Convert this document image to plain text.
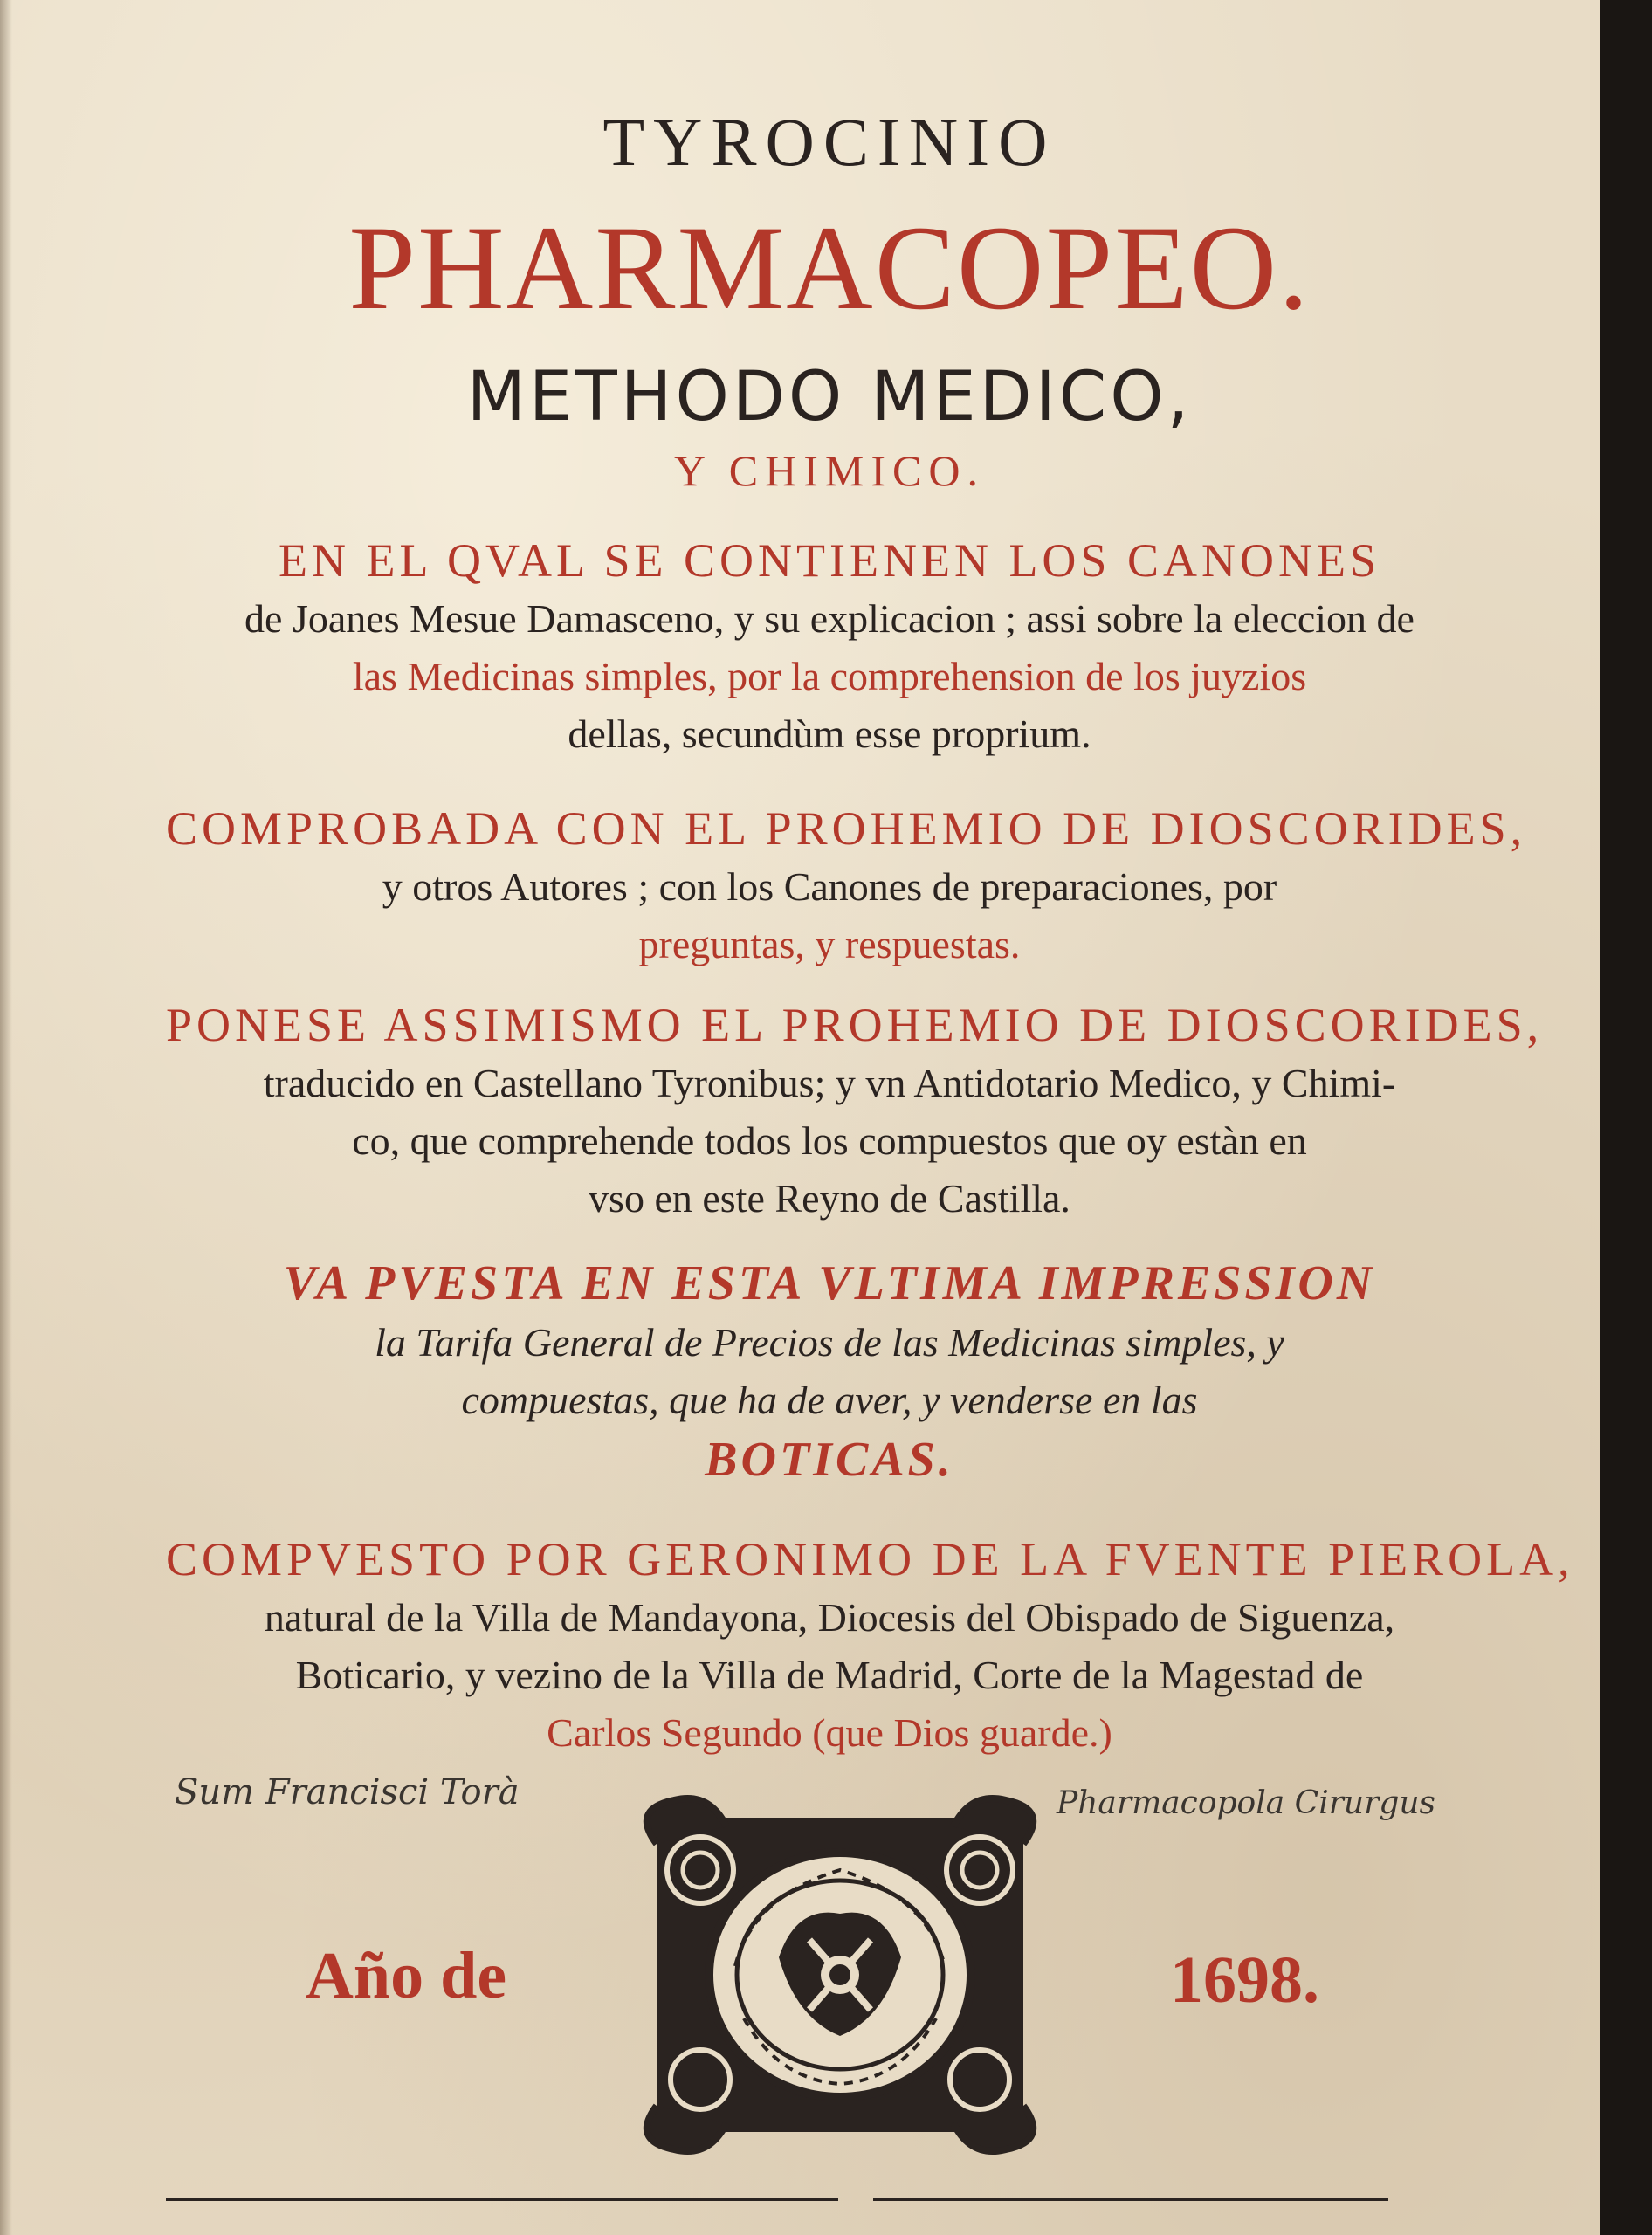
TYROCINIO
PHARMACOPEO.
METHODO MEDICO,
Y CHIMICO.
EN EL QVAL SE CONTIENEN LOS CANONES
de Joanes Mesue Damasceno, y su explicacion ; assi sobre la eleccion de
las Medicinas simples, por la comprehension de los juyzios
dellas, secundùm esse proprium.
COMPROBADA CON EL PROHEMIO DE DIOSCORIDES,
y otros Autores ; con los Canones de preparaciones, por
preguntas, y respuestas.
PONESE ASSIMISMO EL PROHEMIO DE DIOSCORIDES,
traducido en Castellano Tyronibus; y vn Antidotario Medico, y Chimi-
co, que comprehende todos los compuestos que oy estàn en
vso en este Reyno de Castilla.
VA PVESTA EN ESTA VLTIMA IMPRESSION
la Tarifa General de Precios de las Medicinas simples, y
compuestas, que ha de aver, y venderse en las
BOTICAS.
COMPVESTO POR GERONIMO DE LA FVENTE PIEROLA,
natural de la Villa de Mandayona, Diocesis del Obispado de Siguenza,
Boticario, y vezino de la Villa de Madrid, Corte de la Magestad de
Carlos Segundo (que Dios guarde.)
Sum Francisci Torà	Pharmacopola Cirurgus
Año de	1698.
